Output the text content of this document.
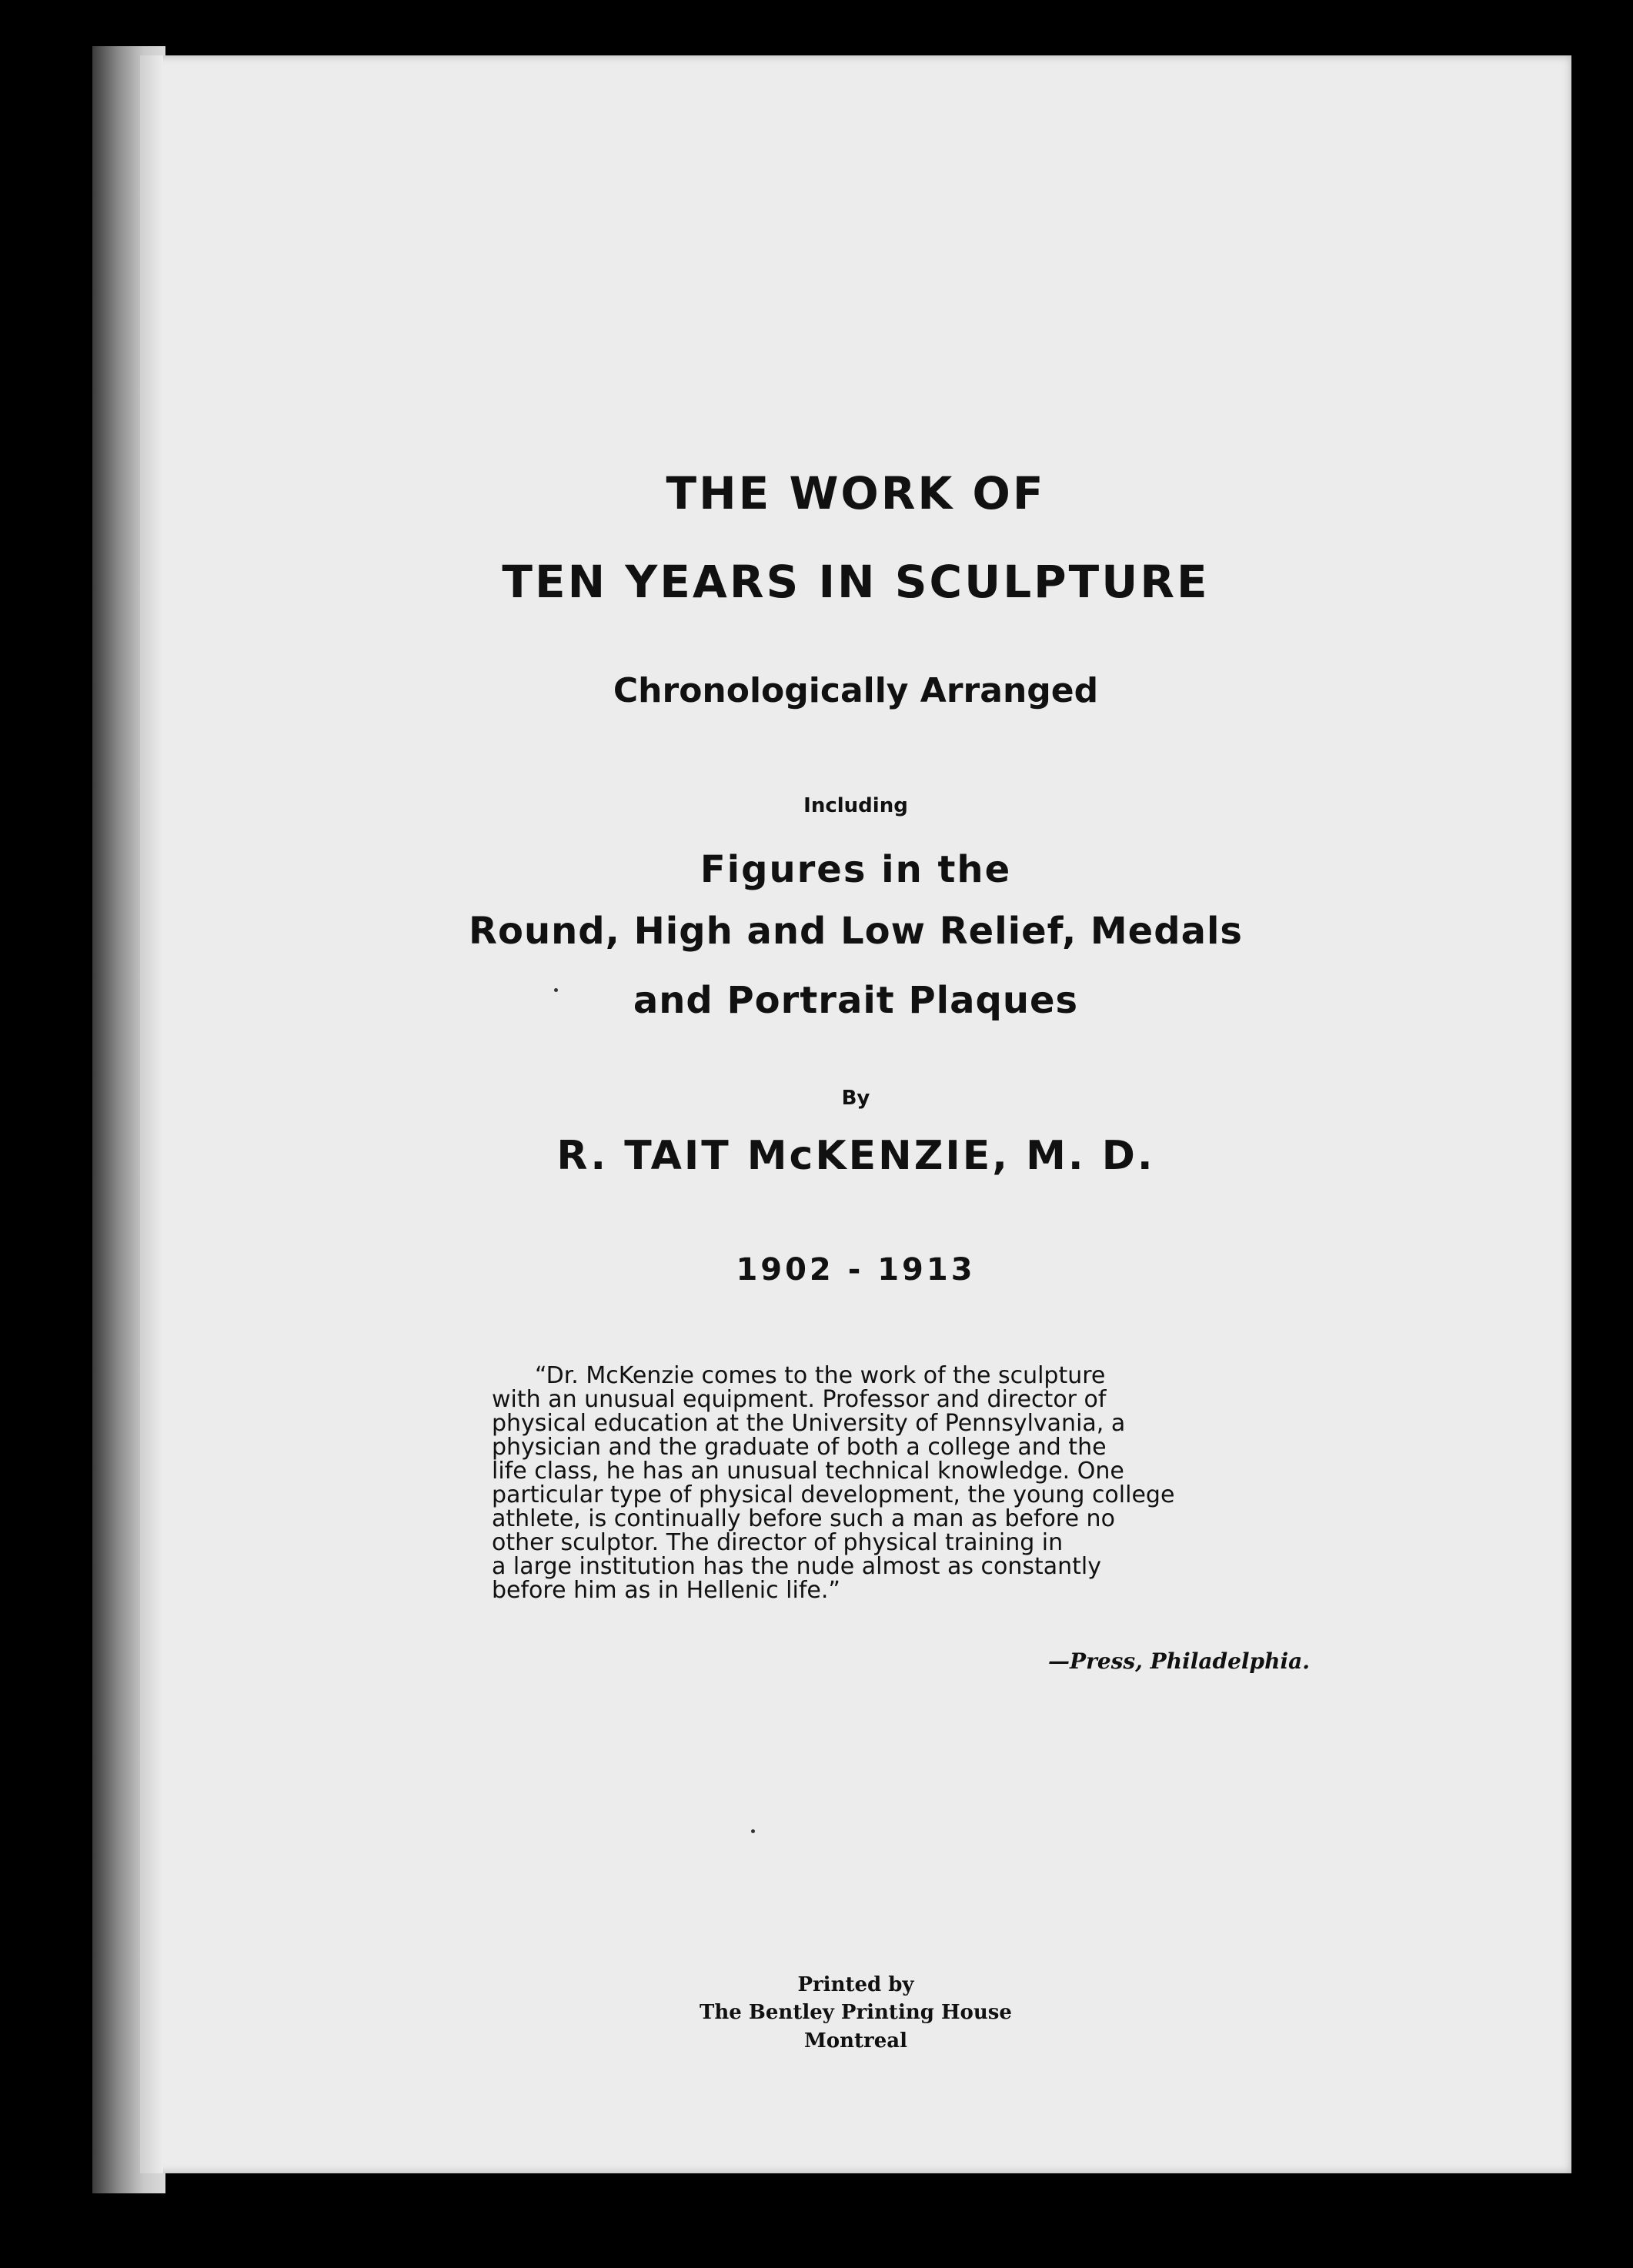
THE WORK OF
TEN YEARS IN SCULPTURE
Chronologically Arranged
Including
Figures in the
Round, High and Low Relief, Medals
and Portrait Plaques
By
R. TAIT McKENZIE, M. D.
1902 - 1913
“Dr. McKenzie comes to the work of the sculpture
with an unusual equipment. Professor and director of
physical education at the University of Pennsylvania, a
physician and the graduate of both a college and the
life class, he has an unusual technical knowledge. One
particular type of physical development, the young college
athlete, is continually before such a man as before no
other sculptor. The director of physical training in
a large institution has the nude almost as constantly
before him as in Hellenic life.”
—Press, Philadelphia.
Printed by
The Bentley Printing House
Montreal
